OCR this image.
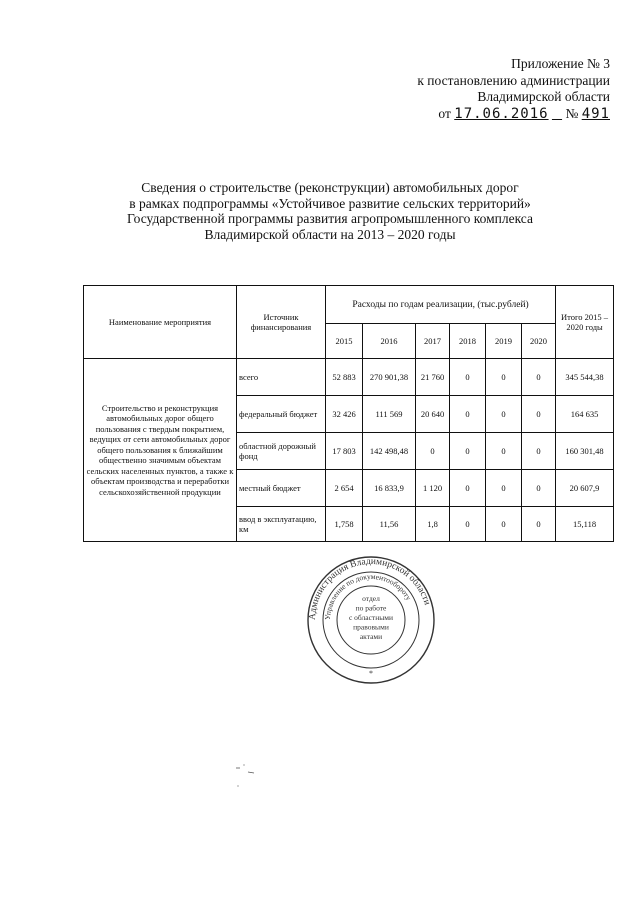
Приложение № 3
к постановлению администрации
Владимирской области
от 17.06.2016 № 491
Сведения о строительстве (реконструкции) автомобильных дорог
в рамках подпрограммы «Устойчивое развитие сельских территорий»
Государственной программы развития агропромышленного комплекса
Владимирской области на 2013 – 2020 годы
Наименование мероприятия	Источник финансирования	Расходы по годам реализации, (тыс.рублей)						Итого 2015 – 2020 годы
		2015	2016	2017	2018	2019	2020	
Строительство и реконструкция автомобильных дорог общего пользования с твердым покрытием, ведущих от сети автомобильных дорог общего пользования к ближайшим общественно значимым объектам сельских населенных пунктов, а также к объектам производства и переработки сельскохозяйственной продукции	всего	52 883	270 901,38	21 760	0	0	0	345 544,38
	федеральный бюджет	32 426	111 569	20 640	0	0	0	164 635
	областной дорожный фонд	17 803	142 498,48	0	0	0	0	160 301,48
	местный бюджет	2 654	16 833,9	1 120	0	0	0	20 607,9
	ввод в эксплуатацию, км	1,758	11,56	1,8	0	0	0	15,118
Администрация Владимирской области
Управление по документообороту
отдел
по работе
с областными
правовыми
актами
*
